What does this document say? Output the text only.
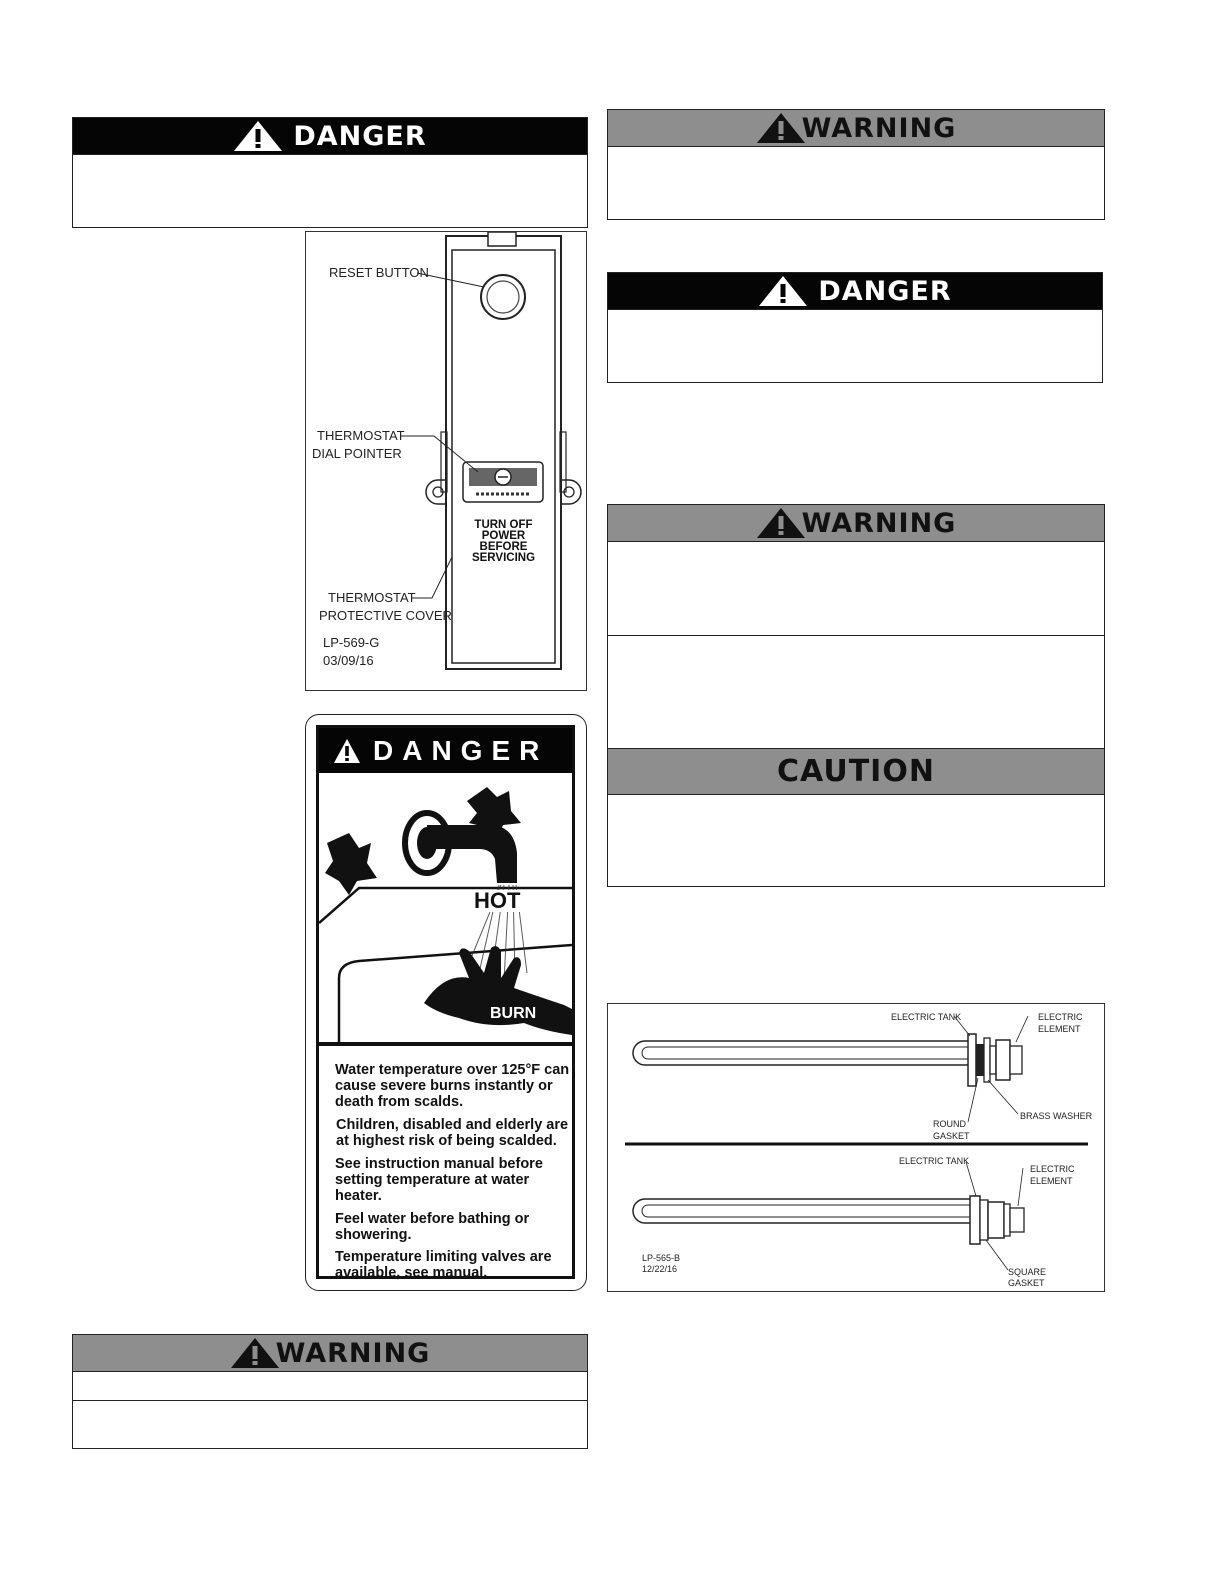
DANGER	WARNING
DANGER
WARNING
CAUTION
WARNING
RESET BUTTON
THERMOSTAT
DIAL POINTER
TURN OFF
POWER
BEFORE
SERVICING
THERMOSTAT
PROTECTIVE COVER
LP-569-G
03/09/16
DANGER
HOT
BURN
Water temperature over 125°F can
cause severe burns instantly or
death from scalds.
Children, disabled and elderly are
at highest risk of being scalded.
See instruction manual before
setting temperature at water
heater.
Feel water before bathing or
showering.
Temperature limiting valves are
available, see manual.
ELECTRIC TANK	ELECTRIC
ELEMENT
ROUND
GASKET
BRASS WASHER
ELECTRIC TANK
ELECTRIC
ELEMENT
SQUARE
GASKET
LP-565-B
12/22/16
